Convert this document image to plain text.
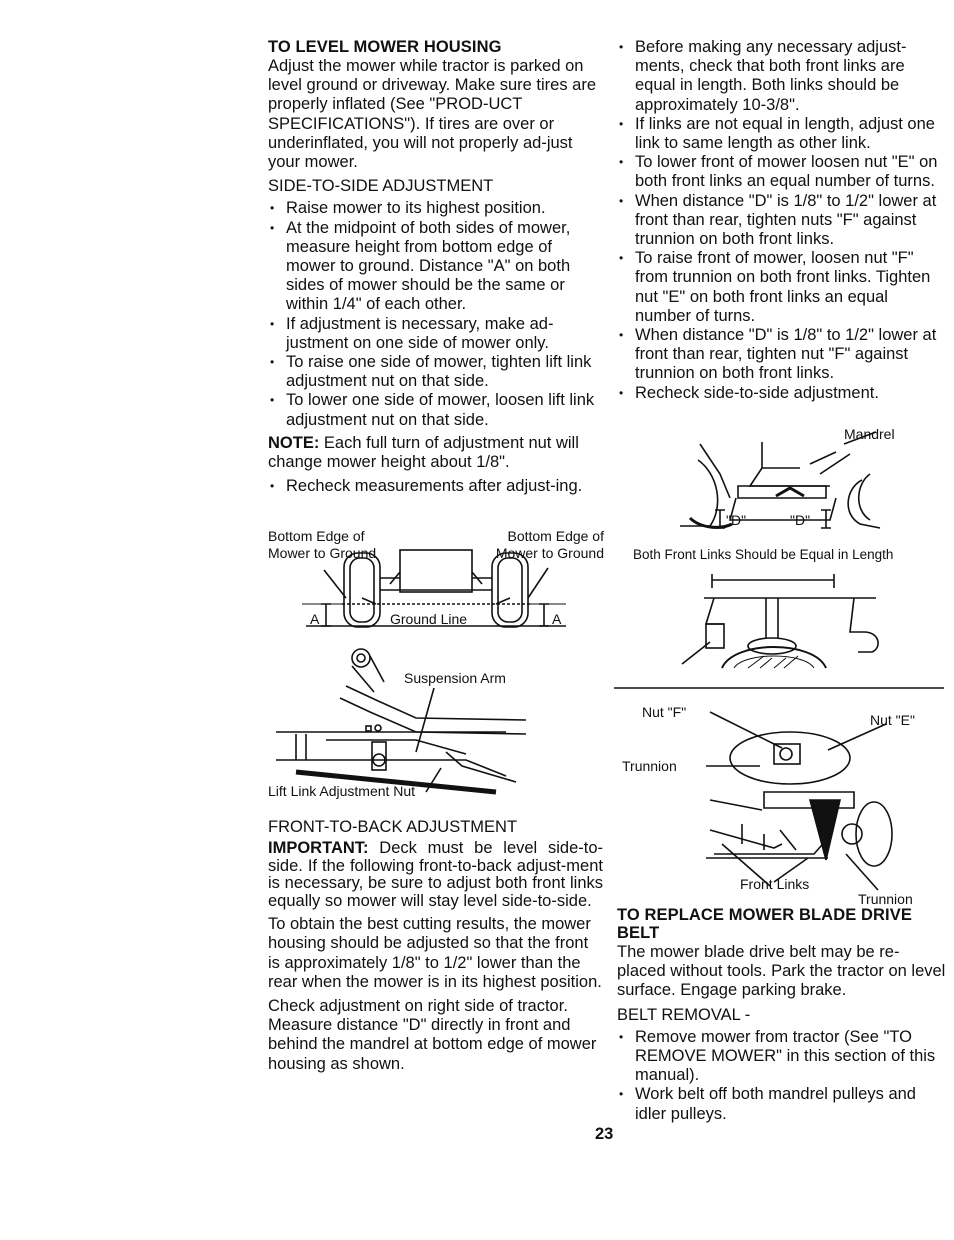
TO LEVEL MOWER HOUSING

Adjust the mower while tractor is parked on level ground or driveway. Make sure tires are properly inflated (See "PROD-UCT SPECIFICATIONS"). If tires are over or underinflated, you will not properly ad-just your mower.

SIDE-TO-SIDE ADJUSTMENT
• Raise mower to its highest position.
• At the midpoint of both sides of mower, measure height from bottom edge of mower to ground. Distance "A" on both sides of mower should be the same or within 1/4" of each other.
• If adjustment is necessary, make ad-justment on one side of mower only.
• To raise one side of mower, tighten lift link adjustment nut on that side.
• To lower one side of mower, loosen lift link adjustment nut on that side.

NOTE: Each full turn of adjustment nut will change mower height about 1/8".

• Recheck measurements after adjust-ing.
Bottom Edge of Mower to Ground
Bottom Edge of Mower to Ground
Ground Line
A	A
Suspension Arm
Lift Link Adjustment Nut
FRONT-TO-BACK ADJUSTMENT

IMPORTANT: Deck must be level side-to-side. If the following front-to-back adjust-ment is necessary, be sure to adjust both front links equally so mower will stay level side-to-side.

To obtain the best cutting results, the mower housing should be adjusted so that the front is approximately 1/8" to 1/2" lower than the rear when the mower is in its highest position.

Check adjustment on right side of tractor. Measure distance "D" directly in front and behind the mandrel at bottom edge of mower housing as shown.

• Before making any necessary adjust-ments, check that both front links are equal in length. Both links should be approximately 10-3/8".
• If links are not equal in length, adjust one link to same length as other link.
• To lower front of mower loosen nut "E" on both front links an equal number of turns.
• When distance "D" is 1/8" to 1/2" lower at front than rear, tighten nuts "F" against trunnion on both front links.
• To raise front of mower, loosen nut "F" from trunnion on both front links. Tighten nut "E" on both front links an equal number of turns.
• When distance "D" is 1/8" to 1/2" lower at front than rear, tighten nut "F" against trunnion on both front links.
• Recheck side-to-side adjustment.
Mandrel
"D"	"D"
Both Front Links Should be Equal in Length
Nut "F"	Nut "E"
Trunnion
Front Links
Trunnion
TO REPLACE MOWER BLADE DRIVE BELT

The mower blade drive belt may be re-placed without tools. Park the tractor on level surface. Engage parking brake.

BELT REMOVAL -
• Remove mower from tractor (See "TO REMOVE MOWER" in this section of this manual).
• Work belt off both mandrel pulleys and idler pulleys.
23
